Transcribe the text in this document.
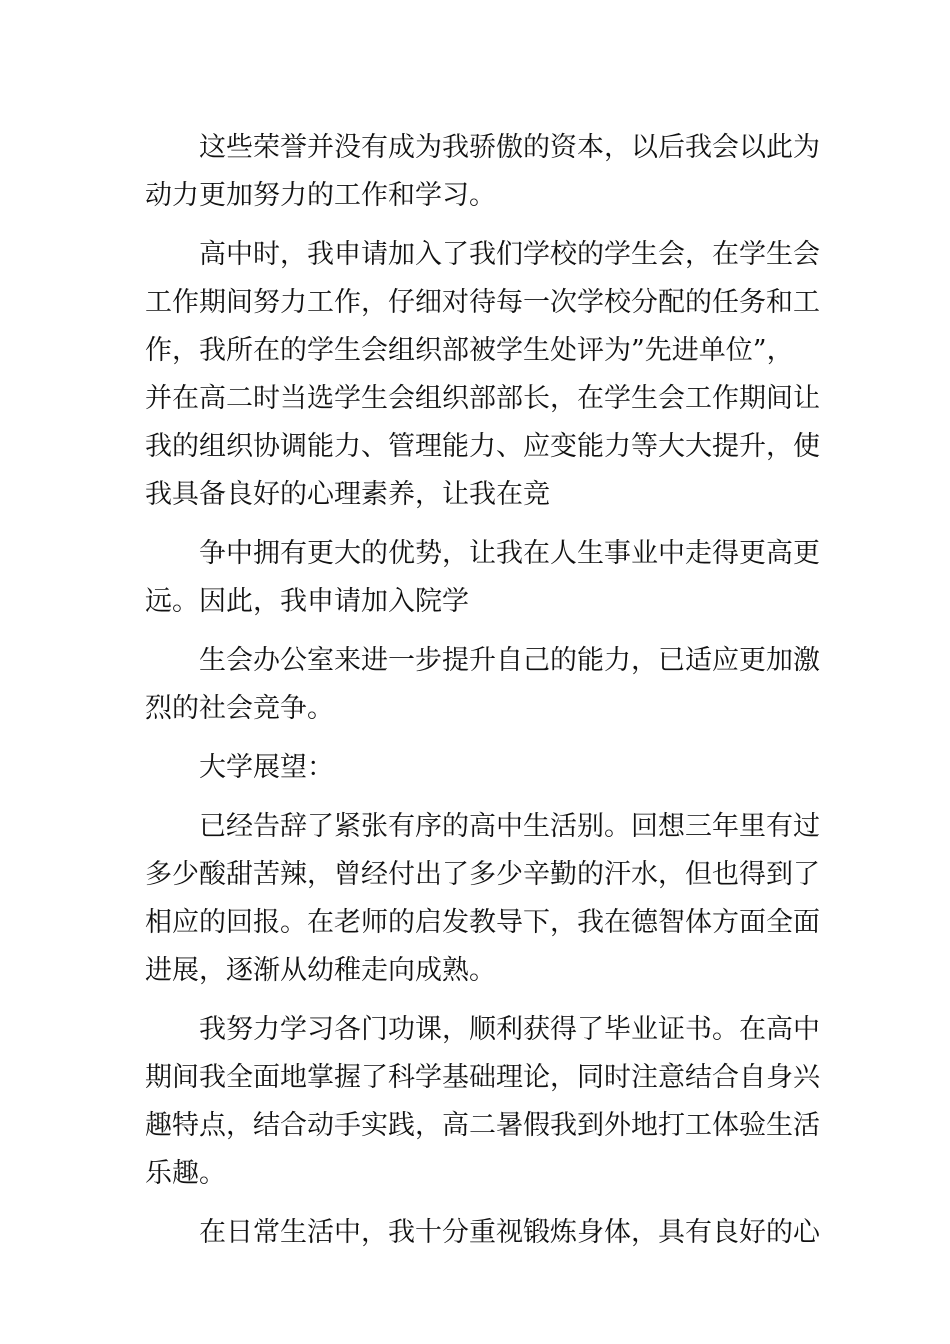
这些荣誉并没有成为我骄傲的资本，以后我会以此为
动力更加努力的工作和学习。

高中时，我申请加入了我们学校的学生会，在学生会
工作期间努力工作，仔细对待每一次学校分配的任务和工
作，我所在的学生会组织部被学生处评为”先进单位”，
并在高二时当选学生会组织部部长，在学生会工作期间让
我的组织协调能力、管理能力、应变能力等大大提升，使
我具备良好的心理素养，让我在竞

争中拥有更大的优势，让我在人生事业中走得更高更
远。因此，我申请加入院学

生会办公室来进一步提升自己的能力，已适应更加激
烈的社会竞争。

大学展望：

已经告辞了紧张有序的高中生活别。回想三年里有过
多少酸甜苦辣，曾经付出了多少辛勤的汗水，但也得到了
相应的回报。在老师的启发教导下，我在德智体方面全面
进展，逐渐从幼稚走向成熟。

我努力学习各门功课，顺利获得了毕业证书。在高中
期间我全面地掌握了科学基础理论，同时注意结合自身兴
趣特点，结合动手实践，高二暑假我到外地打工体验生活
乐趣。

在日常生活中，我十分重视锻炼身体，具有良好的心
